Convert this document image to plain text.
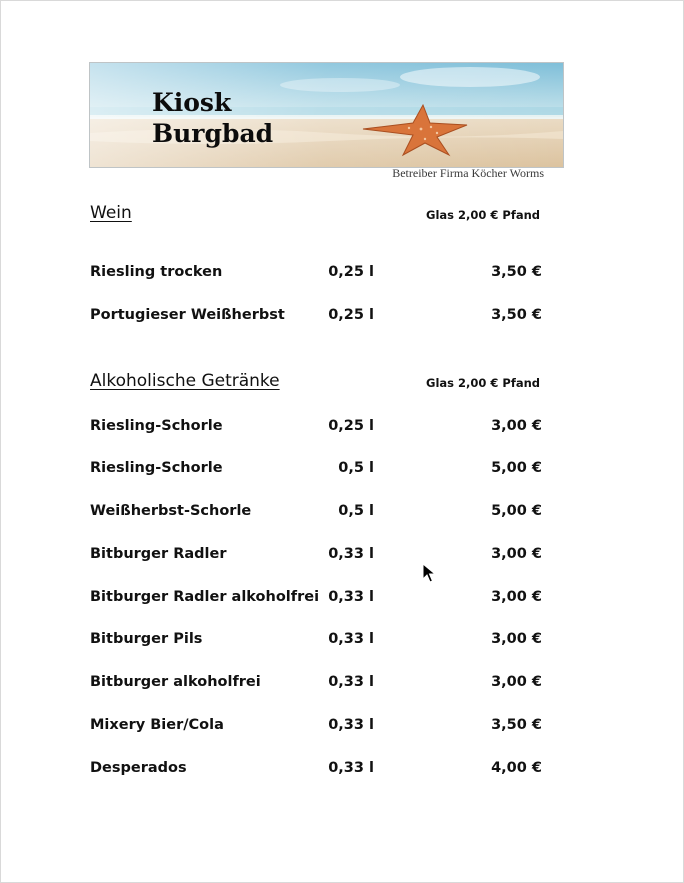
Kiosk
Burgbad
Betreiber Firma Köcher Worms
Wein	Glas 2,00 € Pfand
Riesling trocken	0,25 l	3,50 €
Portugieser Weißherbst	0,25 l	3,50 €
Alkoholische Getränke	Glas 2,00 € Pfand
Riesling-Schorle	0,25 l	3,00 €
Riesling-Schorle	0,5 l	5,00 €
Weißherbst-Schorle	0,5 l	5,00 €
Bitburger Radler	0,33 l	3,00 €
Bitburger Radler alkoholfrei 0,33 l	3,00 €
Bitburger Pils	0,33 l	3,00 €
Bitburger alkoholfrei	0,33 l	3,00 €
Mixery Bier/Cola	0,33 l	3,50 €
Desperados	0,33 l	4,00 €
